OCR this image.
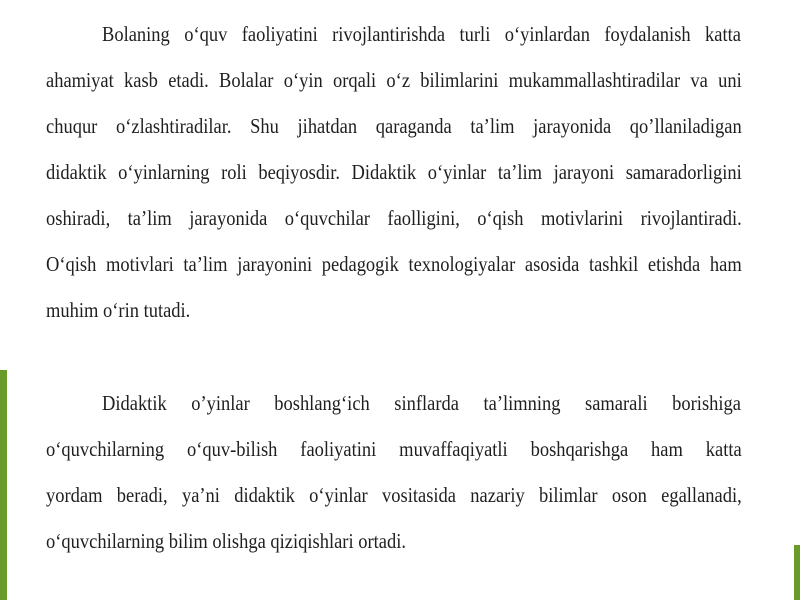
Bolaning o‘quv faoliyatini rivojlantirishda turli o‘yinlardan foydalanish katta
ahamiyat kasb etadi. Bolalar o‘yin orqali o‘z bilimlarini mukammallashtiradilar va uni
chuqur o‘zlashtiradilar. Shu jihatdan qaraganda ta’lim jarayonida qo’llaniladigan
didaktik o‘yinlarning roli beqiyosdir. Didaktik o‘yinlar ta’lim jarayoni samaradorligini
oshiradi, ta’lim jarayonida o‘quvchilar faolligini, o‘qish motivlarini rivojlantiradi.
O‘qish motivlari ta’lim jarayonini pedagogik texnologiyalar asosida tashkil etishda ham
muhim o‘rin tutadi.
Didaktik o’yinlar boshlang‘ich sinflarda ta’limning samarali borishiga
o‘quvchilarning o‘quv-bilish faoliyatini muvaffaqiyatli boshqarishga ham katta
yordam beradi, ya’ni didaktik o‘yinlar vositasida nazariy bilimlar oson egallanadi,
o‘quvchilarning bilim olishga qiziqishlari ortadi.
